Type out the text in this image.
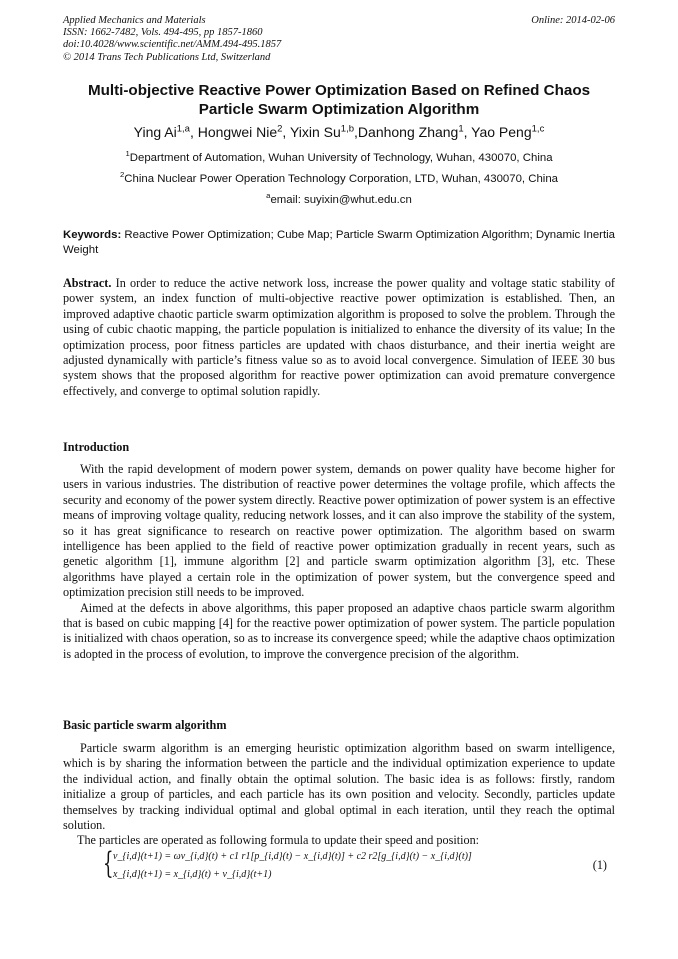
Applied Mechanics and Materials
ISSN: 1662-7482, Vols. 494-495, pp 1857-1860
doi:10.4028/www.scientific.net/AMM.494-495.1857
© 2014 Trans Tech Publications Ltd, Switzerland
Online: 2014-02-06
Multi-objective Reactive Power Optimization Based on Refined Chaos
Particle Swarm Optimization Algorithm
Ying Ai$^{1,a}$, Hongwei Nie$^2$, Yixin Su$^{1,b}$,Danhong Zhang$^1$, Yao Peng$^{1,c}$
$^1$Department of Automation, Wuhan University of Technology, Wuhan, 430070, China
$^2$China Nuclear Power Operation Technology Corporation, LTD, Wuhan, 430070, China
$^a$email: suyixin@whut.edu.cn
Keywords: Reactive Power Optimization; Cube Map; Particle Swarm Optimization Algorithm; Dynamic Inertia Weight

Abstract. In order to reduce the active network loss, increase the power quality and voltage static stability of power system, an index function of multi-objective reactive power optimization is established. Then, an improved adaptive chaotic particle swarm optimization algorithm is proposed to solve the problem. Through the using of cubic chaotic mapping, the particle population is initialized to enhance the diversity of its value; In the optimization process, poor fitness particles are updated with chaos disturbance, and their inertia weight are adjusted dynamically with particle’s fitness value so as to avoid local convergence. Simulation of IEEE 30 bus system shows that the proposed algorithm for reactive power optimization can avoid premature convergence effectively, and converge to optimal solution rapidly.

Introduction

With the rapid development of modern power system, demands on power quality have become higher for users in various industries. The distribution of reactive power determines the voltage profile, which affects the security and economy of the power system directly. Reactive power optimization of power system is an effective means of improving voltage quality, reducing network losses, and it can also improve the stability of the system, so it has great significance to research on reactive power optimization. The algorithm based on swarm intelligence has been applied to the field of reactive power optimization gradually in recent years, such as genetic algorithm [1], immune algorithm [2] and particle swarm optimization algorithm [3], etc. These algorithms have played a certain role in the optimization of power system, but the convergence speed and optimization precision still needs to be improved.

Aimed at the defects in above algorithms, this paper proposed an adaptive chaos particle swarm algorithm that is based on cubic mapping [4] for the reactive power optimization of power system. The particle population is initialized with chaos operation, so as to increase its convergence speed; while the adaptive chaos optimization is adopted in the process of evolution, to improve the convergence precision of the algorithm.

Basic particle swarm algorithm

Particle swarm algorithm is an emerging heuristic optimization algorithm based on swarm intelligence, which is by sharing the information between the particle and the individual optimization experience to update the individual action, and finally obtain the optimal solution. The basic idea is as follows: firstly, random initialize a group of particles, and each particle has its own position and velocity. Secondly, particles update themselves by tracking individual optimal and global optimal in each iteration, until they reach the optimal solution.

The particles are operated as following formula to update their speed and position:

{ v_{i,d}(t+1) = ωv_{i,d}(t) + c1 r1[p_{i,d}(t) − x_{i,d}(t)] + c2 r2[g_{i,d}(t) − x_{i,d}(t)]
x_{i,d}(t+1) = x_{i,d}(t) + v_{i,d}(t+1)
(1)
